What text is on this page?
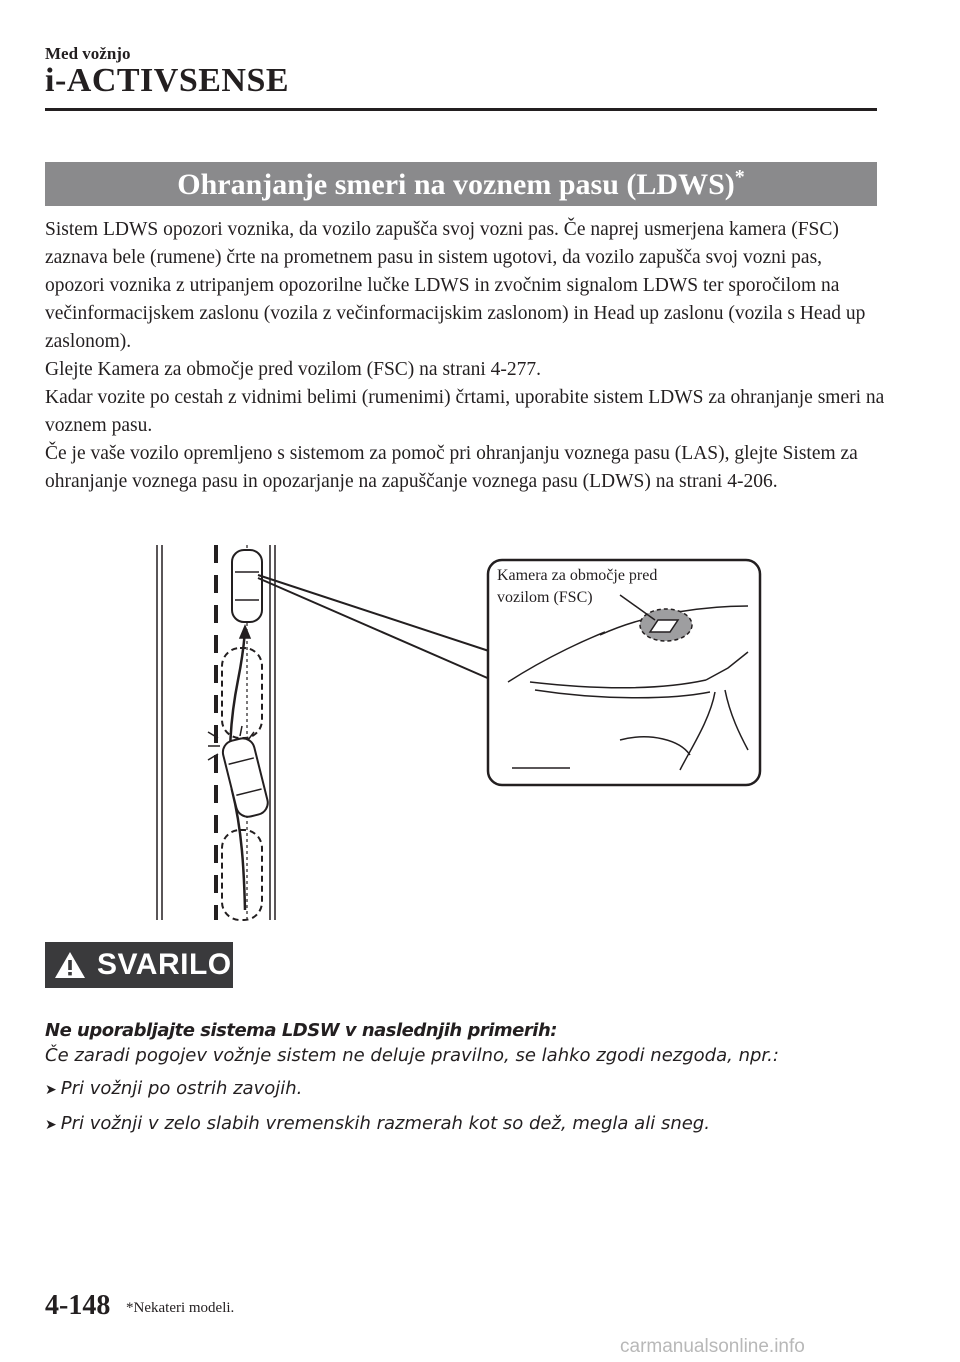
Med vožnjo
i-ACTIVSENSE
Ohranjanje smeri na voznem pasu (LDWS)*

Sistem LDWS opozori voznika, da vozilo zapušča svoj vozni pas. Če naprej usmerjena kamera (FSC) zaznava bele (rumene) črte na prometnem pasu in sistem ugotovi, da vozilo zapušča svoj vozni pas, opozori voznika z utripanjem opozorilne lučke LDWS in zvočnim signalom LDWS ter sporočilom na večinformacijskem zaslonu (vozila z večinformacijskim zaslonom) in Head up zaslonu (vozila s Head up zaslonom).

Glejte Kamera za območje pred vozilom (FSC) na strani 4-277.

Kadar vozite po cestah z vidnimi belimi (rumenimi) črtami, uporabite sistem LDWS za ohranjanje smeri na voznem pasu.

Če je vaše vozilo opremljeno s sistemom za pomoč pri ohranjanju voznega pasu (LAS), glejte Sistem za ohranjanje voznega pasu in opozarjanje na zapuščanje voznega pasu (LDWS) na strani 4-206.

Kamera za območje pred
vozilom (FSC)
SVARILO

Ne uporabljajte sistema LDSW v naslednjih primerih:

Če zaradi pogojev vožnje sistem ne deluje pravilno, se lahko zgodi nezgoda, npr.:

➤ Pri vožnji po ostrih zavojih.

➤ Pri vožnji v zelo slabih vremenskih razmerah kot so dež, megla ali sneg.

4-148 *Nekateri modeli.
carmanualsonline.info
